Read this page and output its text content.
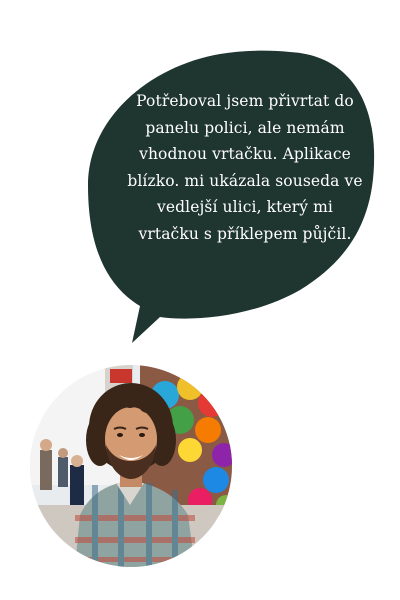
Potřeboval jsem přivrtat do panelu polici, ale nemám vhodnou vrtačku. Aplikace blízko. mi ukázala souseda ve vedlejší ulici, který mi vrtačku s příklepem půjčil.
